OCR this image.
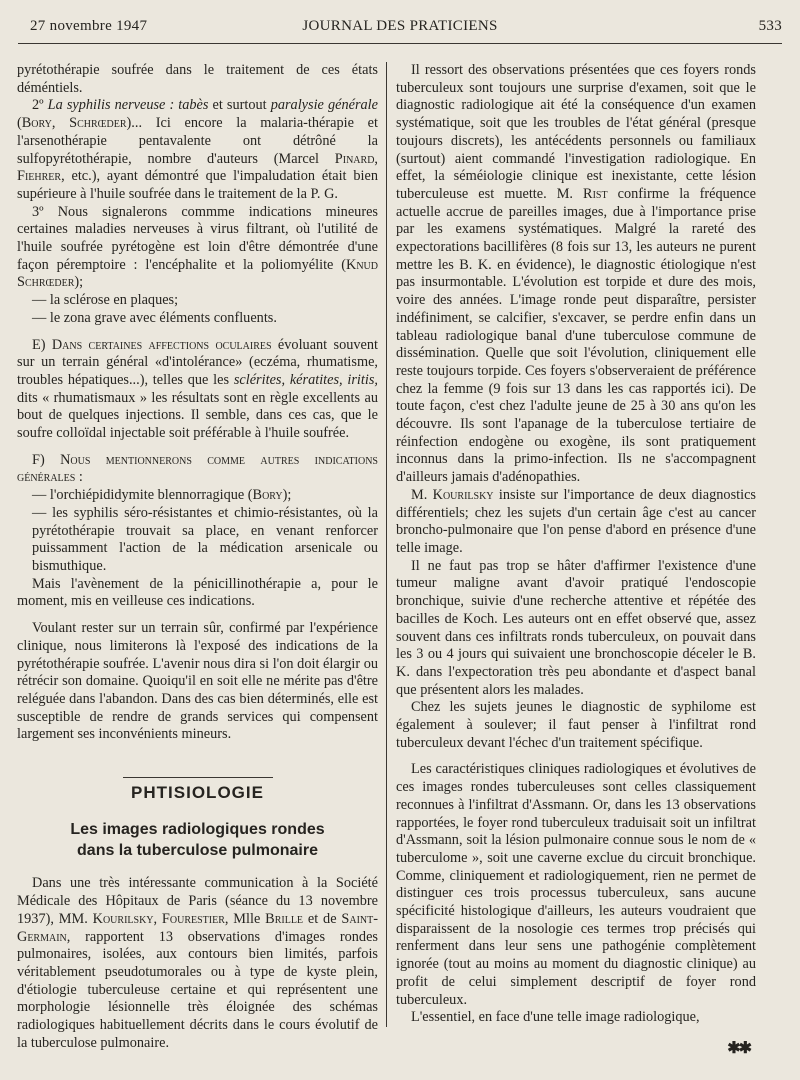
27 novembre 1947	JOURNAL DES PRATICIENS	533

pyrétothérapie soufrée dans le traitement de ces états déméntiels.

2º La syphilis nerveuse : tabès et surtout paralysie générale (Bory, Schrœder)... Ici encore la malaria-thérapie et l'arsenothérapie pentavalente ont détrôné la sulfopyrétothérapie, nombre d'auteurs (Marcel Pinard, Fiehrer, etc.), ayant démontré que l'impaludation était bien supérieure à l'huile soufrée dans le traitement de la P. G.

3º Nous signalerons commme indications mineures certaines maladies nerveuses à virus filtrant, où l'utilité de l'huile soufrée pyrétogène est loin d'être démontrée d'une façon péremptoire : l'encéphalite et la poliomyélite (Knud Schrœder);

— la sclérose en plaques;

— le zona grave avec éléments confluents.

E) Dans certaines affections oculaires évoluant souvent sur un terrain général «d'intolérance» (eczéma, rhumatisme, troubles hépatiques...), telles que les sclérites, kératites, iritis, dits « rhumatismaux » les résultats sont en règle excellents au bout de quelques injections. Il semble, dans ces cas, que le soufre colloïdal injectable soit préférable à l'huile soufrée.

F) Nous mentionnerons comme autres indications générales :

— l'orchiépididymite blennorragique (Bory);

— les syphilis séro-résistantes et chimio-résistantes, où la pyrétothérapie trouvait sa place, en venant renforcer puissamment l'action de la médication arsenicale ou bismuthique.

Mais l'avènement de la pénicillinothérapie a, pour le moment, mis en veilleuse ces indications.

Voulant rester sur un terrain sûr, confirmé par l'expérience clinique, nous limiterons là l'exposé des indications de la pyrétothérapie soufrée. L'avenir nous dira si l'on doit élargir ou rétrécir son domaine. Quoiqu'il en soit elle ne mérite pas d'être reléguée dans l'abandon. Dans des cas bien déterminés, elle est susceptible de rendre de grands services qui compensent largement ses inconvénients mineurs.

PHTISIOLOGIE
Les images radiologiques rondes
dans la tuberculose pulmonaire

Dans une très intéressante communication à la Société Médicale des Hôpitaux de Paris (séance du 13 novembre 1937), MM. Kourilsky, Fourestier, Mlle Brille et de Saint-Germain, rapportent 13 observations d'images rondes pulmonaires, isolées, aux contours bien limités, parfois véritablement pseudotumorales ou à type de kyste plein, d'étiologie tuberculeuse certaine et qui représentent une morphologie lésionnelle très éloignée des schémas radiologiques habituellement décrits dans le cours évolutif de la tuberculose pulmonaire.

Il ressort des observations présentées que ces foyers ronds tuberculeux sont toujours une surprise d'examen, soit que le diagnostic radiologique ait été la conséquence d'un examen systématique, soit que les troubles de l'état général (presque toujours discrets), les antécédents personnels ou familiaux (surtout) aient commandé l'investigation radiologique. En effet, la séméiologie clinique est inexistante, cette lésion tuberculeuse est muette. M. Rist confirme la fréquence actuelle accrue de pareilles images, due à l'importance prise par les examens systématiques. Malgré la rareté des expectorations bacillifères (8 fois sur 13, les auteurs ne purent mettre les B. K. en évidence), le diagnostic étiologique n'est pas insurmontable. L'évolution est torpide et dure des mois, voire des années. L'image ronde peut disparaître, persister indéfiniment, se calcifier, s'excaver, se perdre enfin dans un tableau radiologique banal d'une tuberculose commune de dissémination. Quelle que soit l'évolution, cliniquement elle reste toujours torpide. Ces foyers s'observeraient de préférence chez la femme (9 fois sur 13 dans les cas rapportés ici). De toute façon, c'est chez l'adulte jeune de 25 à 30 ans qu'on les découvre. Ils sont l'apanage de la tuberculose tertiaire de réinfection endogène ou exogène, ils sont pratiquement inconnus dans la primo-infection. Ils ne s'accompagnent d'ailleurs jamais d'adénopathies.

M. Kourilsky insiste sur l'importance de deux diagnostics différentiels; chez les sujets d'un certain âge c'est au cancer broncho-pulmonaire que l'on pense d'abord en présence d'une telle image.

Il ne faut pas trop se hâter d'affirmer l'existence d'une tumeur maligne avant d'avoir pratiqué l'endoscopie bronchique, suivie d'une recherche attentive et répétée des bacilles de Koch. Les auteurs ont en effet observé que, assez souvent dans ces infiltrats ronds tuberculeux, on pouvait dans les 3 ou 4 jours qui suivaient une bronchoscopie déceler le B. K. dans l'expectoration très peu abondante et d'aspect banal que présentent alors les malades.

Chez les sujets jeunes le diagnostic de syphilome est également à soulever; il faut penser à l'infiltrat rond tuberculeux devant l'échec d'un traitement spécifique.

Les caractéristiques cliniques radiologiques et évolutives de ces images rondes tuberculeuses sont celles classiquement reconnues à l'infiltrat d'Assmann. Or, dans les 13 observations rapportées, le foyer rond tuberculeux traduisait soit un infiltrat d'Assmann, soit la lésion pulmonaire connue sous le nom de « tuberculome », soit une caverne exclue du circuit bronchique. Comme, cliniquement et radiologiquement, rien ne permet de distinguer ces trois processus tuberculeux, sans aucune spécificité histologique d'ailleurs, les auteurs voudraient que disparaissent de la nosologie ces termes trop précisés qui renferment dans leur sens une pathogénie complètement ignorée (tout au moins au moment du diagnostic clinique) au profit de celui simplement descriptif de foyer rond tuberculeux.

L'essentiel, en face d'une telle image radiologique,

✱✱
